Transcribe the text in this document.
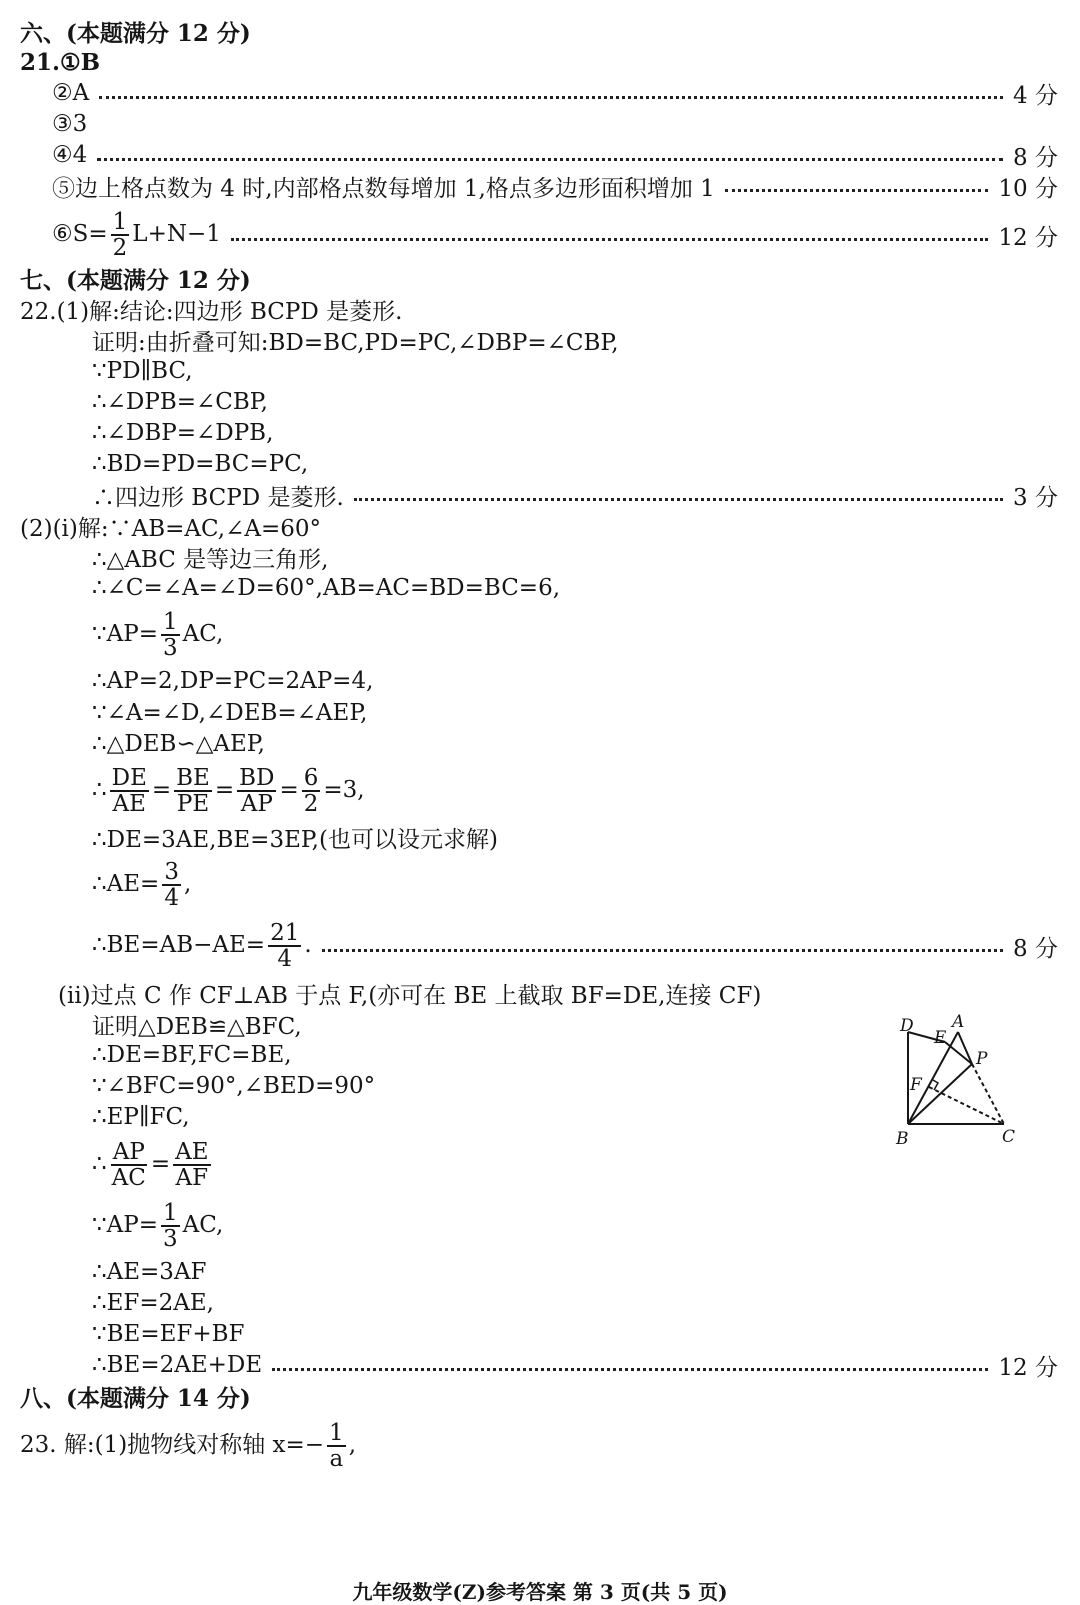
六、(本题满分 12 分)
21.①B
②A	4 分
③3
④4	8 分
⑤边上格点数为 4 时,内部格点数每增加 1,格点多边形面积增加 1	10 分
⑥S= $\frac{1}{2} L+N-1$	12 分
七、(本题满分 12 分)
22.(1)解:结论:四边形 BCPD 是菱形.
证明:由折叠可知:BD=BC,PD=PC,∠DBP=∠CBP,
∵PD∥BC,
∴∠DPB=∠CBP,
∴∠DBP=∠DPB,
∴BD=PD=BC=PC,
∴四边形 BCPD 是菱形.	3 分
(2)(i)解:∵AB=AC,∠A=60°
∴△ABC 是等边三角形,
∴∠C=∠A=∠D=60°,AB=AC=BD=BC=6,
∵AP= $\frac{1}{3}$ AC,
∴AP=2,DP=PC=2AP=4,
∵∠A=∠D,∠DEB=∠AEP,
∴△DEB∽△AEP,
∴ $\frac{DE}{AE} = \frac{BE}{PE} = \frac{BD}{AP} = \frac{6}{2} =3$,
∴DE=3AE,BE=3EP,(也可以设元求解)
∴AE= $\frac{3}{4}$ ,
∴BE=AB−AE= $\frac{21}{4}$ .	8 分
(ii)过点 C 作 CF⊥AB 于点 F,(亦可在 BE 上截取 BF=DE,连接 CF)
证明△DEB≌△BFC,
∴DE=BF,FC=BE,
∵∠BFC=90°,∠BED=90°
∴EP∥FC,
∴ $\frac{AP}{AC} = \frac{AE}{AF}$
∵AP= $\frac{1}{3}$ AC,
∴AE=3AF
∴EF=2AE,
∵BE=EF+BF
∴BE=2AE+DE	12 分
八、(本题满分 14 分)
23. 解:(1)抛物线对称轴 $x=- \frac{1}{a}$ ,
D
E
A
P
F
B	C
九年级数学(Z)参考答案 第 3 页(共 5 页)
